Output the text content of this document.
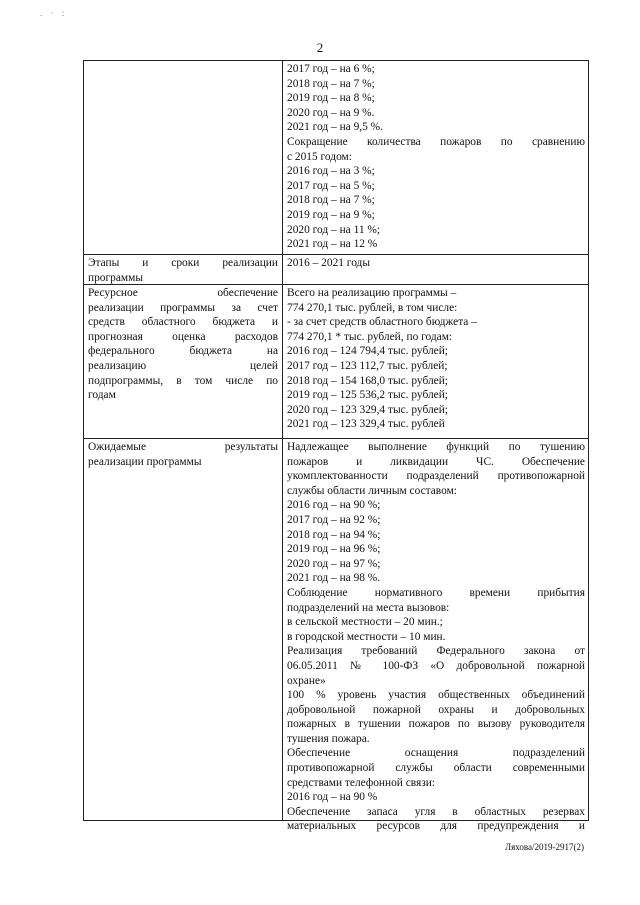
. · :
2
2017 год – на 6 %;
2018 год – на 7 %;
2019 год – на 8 %;
2020 год – на 9 %.
2021 год – на 9,5 %.
Сокращение количества пожаров по сравнению
с 2015 годом:
2016 год – на 3 %;
2017 год – на 5 %;
2018 год – на 7 %;
2019 год – на 9 %;
2020 год – на 11 %;
2021 год – на 12 %
Этапы и сроки реализации
программы
2016 – 2021 годы
Ресурсное обеспечение
реализации программы за счет
средств областного бюджета и
прогнозная оценка расходов
федерального бюджета на
реализацию целей
подпрограммы, в том числе по
годам
Всего на реализацию программы –
774 270,1 тыс. рублей, в том числе:
- за счет средств областного бюджета –
774 270,1 * тыс. рублей, по годам:
2016 год – 124 794,4 тыс. рублей;
2017 год – 123 112,7 тыс. рублей;
2018 год – 154 168,0 тыс. рублей;
2019 год – 125 536,2 тыс. рублей;
2020 год – 123 329,4 тыс. рублей;
2021 год – 123 329,4 тыс. рублей
Ожидаемые результаты
реализации программы
Надлежащее выполнение функций по тушению
пожаров и ликвидации ЧС. Обеспечение
укомплектованности подразделений противопожарной
службы области личным составом:
2016 год – на 90 %;
2017 год – на 92 %;
2018 год – на 94 %;
2019 год – на 96 %;
2020 год – на 97 %;
2021 год – на 98 %.
Соблюдение нормативного времени прибытия
подразделений на места вызовов:
в сельской местности – 20 мин.;
в городской местности – 10 мин.
Реализация требований Федерального закона от
06.05.2011 № 100-ФЗ «О добровольной пожарной
охране»
100 % уровень участия общественных объединений
добровольной пожарной охраны и добровольных
пожарных в тушении пожаров по вызову руководителя
тушения пожара.
Обеспечение оснащения подразделений
противопожарной службы области современными
средствами телефонной связи:
2016 год – на 90 %
Обеспечение запаса угля в областных резервах
материальных ресурсов для предупреждения и
Ляхова/2019-2917(2)
